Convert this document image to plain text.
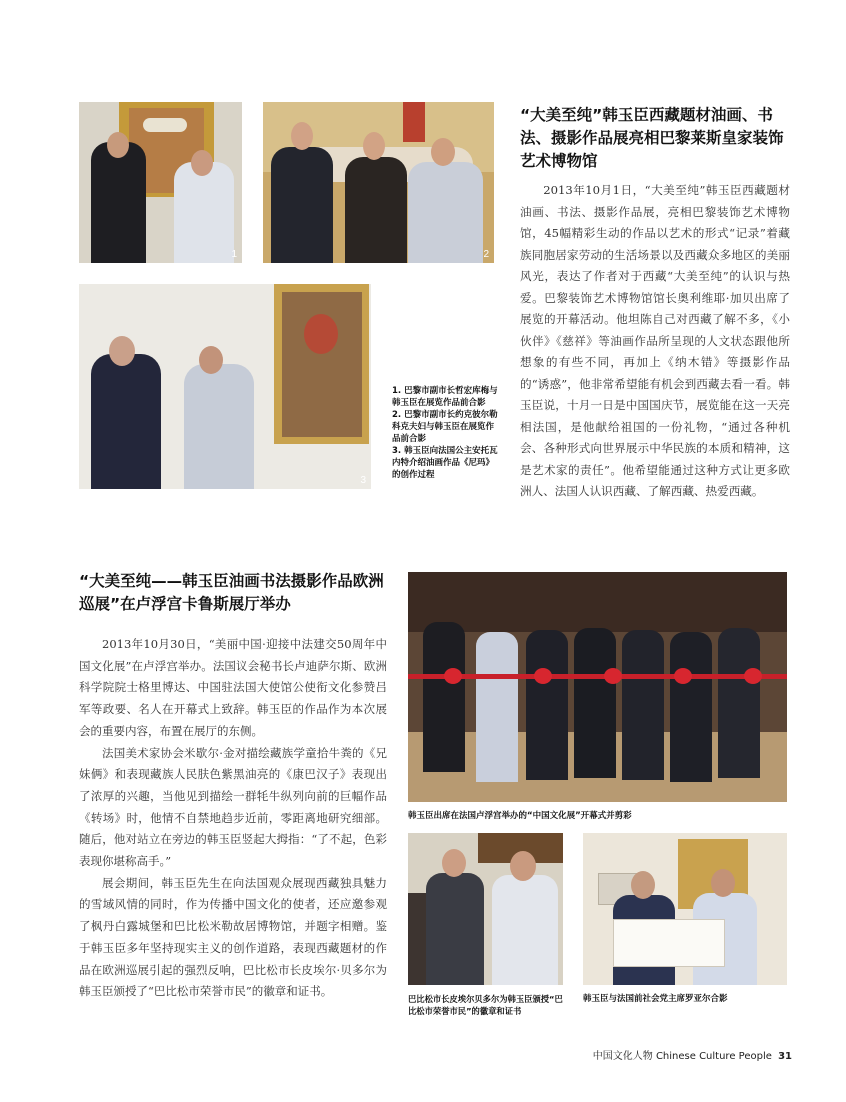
1	2
3
1. 巴黎市副市长哲宏库梅与韩玉臣在展览作品前合影
2. 巴黎市副市长约克彼尔勒科克夫妇与韩玉臣在展览作品前合影
3. 韩玉臣向法国公主安托瓦内特介绍油画作品《尼玛》的创作过程
“大美至纯”韩玉臣西藏题材油画、书法、摄影作品展亮相巴黎莱斯皇家装饰艺术博物馆

2013年10月1日，“大美至纯”韩玉臣西藏题材油画、书法、摄影作品展，亮相巴黎装饰艺术博物馆，45幅精彩生动的作品以艺术的形式“记录”着藏族同胞居家劳动的生活场景以及西藏众多地区的美丽风光，表达了作者对于西藏“大美至纯”的认识与热爱。巴黎装饰艺术博物馆馆长奥利维耶·加贝出席了展览的开幕活动。他坦陈自己对西藏了解不多，《小伙伴》《慈祥》等油画作品所呈现的人文状态跟他所想象的有些不同，再加上《纳木错》等摄影作品的“诱惑”，他非常希望能有机会到西藏去看一看。韩玉臣说，十月一日是中国国庆节，展览能在这一天亮相法国，是他献给祖国的一份礼物，“通过各种机会、各种形式向世界展示中华民族的本质和精神，这是艺术家的责任”。他希望能通过这种方式让更多欧洲人、法国人认识西藏、了解西藏、热爱西藏。

“大美至纯——韩玉臣油画书法摄影作品欧洲巡展”在卢浮宫卡鲁斯展厅举办

2013年10月30日，“美丽中国·迎接中法建交50周年中国文化展”在卢浮宫举办。法国议会秘书长卢迪萨尔斯、欧洲科学院院士格里博达、中国驻法国大使馆公使衔文化参赞吕军等政要、名人在开幕式上致辞。韩玉臣的作品作为本次展会的重要内容，布置在展厅的东侧。

法国美术家协会米歇尔·金对描绘藏族学童拾牛粪的《兄妹俩》和表现藏族人民肤色紫黑油亮的《康巴汉子》表现出了浓厚的兴趣，当他见到描绘一群牦牛纵列向前的巨幅作品《转场》时，他情不自禁地趋步近前，零距离地研究细部。随后，他对站立在旁边的韩玉臣竖起大拇指：“了不起，色彩表现你堪称高手。”

展会期间，韩玉臣先生在向法国观众展现西藏独具魅力的雪域风情的同时，作为传播中国文化的使者，还应邀参观了枫丹白露城堡和巴比松米勒故居博物馆，并题字相赠。鉴于韩玉臣多年坚持现实主义的创作道路，表现西藏题材的作品在欧洲巡展引起的强烈反响，巴比松市长皮埃尔·贝多尔为韩玉臣颁授了“巴比松市荣誉市民”的徽章和证书。

韩玉臣出席在法国卢浮宫举办的“中国文化展”开幕式并剪彩
巴比松市长皮埃尔贝多尔为韩玉臣颁授“巴比松市荣誉市民”的徽章和证书
韩玉臣与法国前社会党主席罗亚尔合影
中国文化人物 Chinese Culture People 31
